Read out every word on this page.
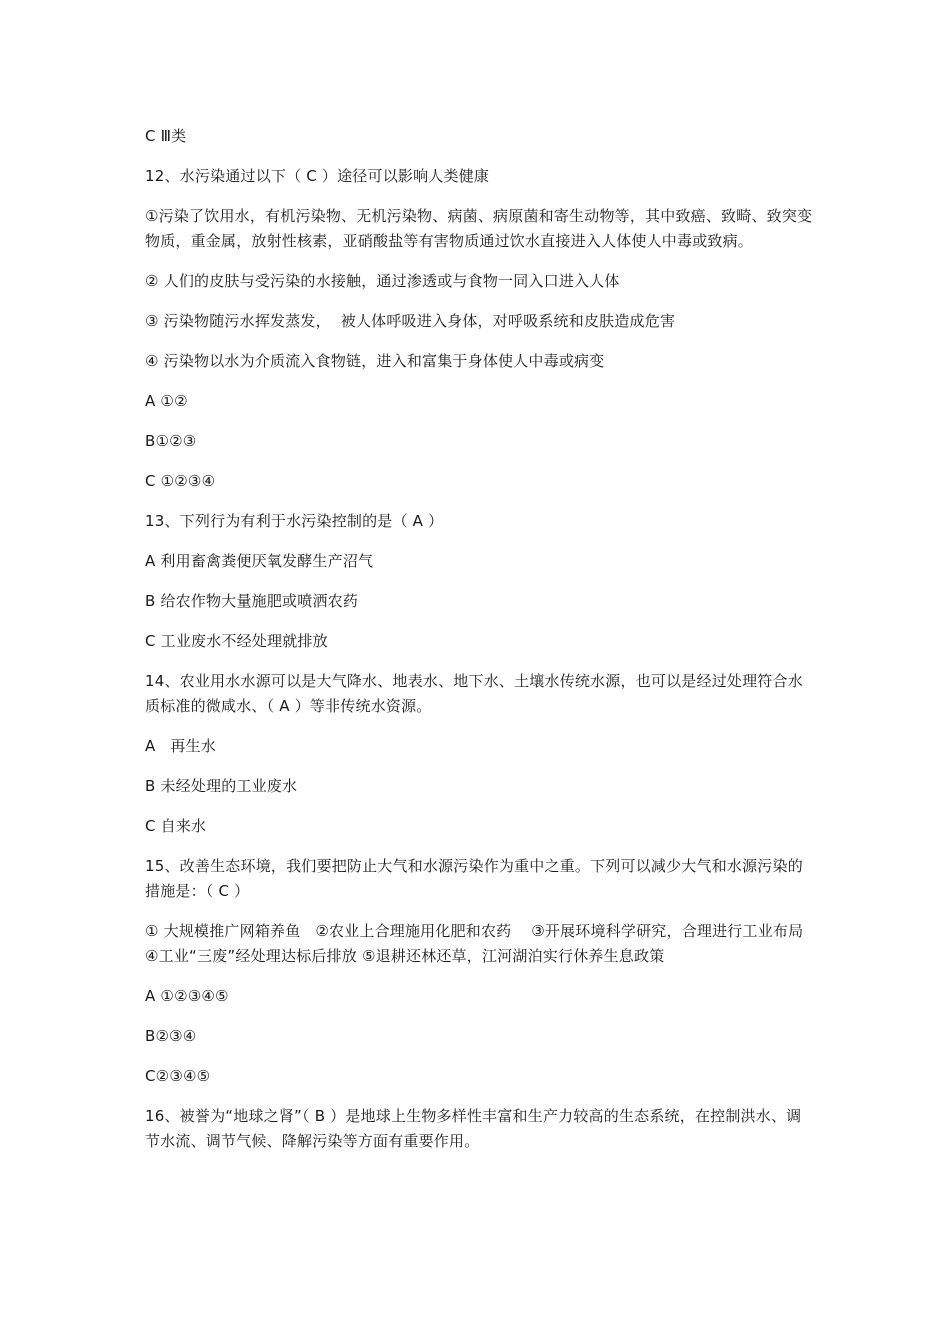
C Ⅲ类

12、水污染通过以下（ C ）途径可以影响人类健康

①污染了饮用水，有机污染物、无机污染物、病菌、病原菌和寄生动物等，其中致癌、致畸、致突变物质，重金属，放射性核素，亚硝酸盐等有害物质通过饮水直接进入人体使人中毒或致病。

② 人们的皮肤与受污染的水接触，通过渗透或与食物一同入口进入人体

③ 污染物随污水挥发蒸发，  被人体呼吸进入身体，对呼吸系统和皮肤造成危害

④ 污染物以水为介质流入食物链，进入和富集于身体使人中毒或病变

A ①②

B①②③

C ①②③④

13、下列行为有利于水污染控制的是（ A ）

A 利用畜禽粪便厌氧发酵生产沼气

B 给农作物大量施肥或喷洒农药

C 工业废水不经处理就排放

14、农业用水水源可以是大气降水、地表水、地下水、土壤水传统水源，也可以是经过处理符合水质标准的微咸水、（ A ）等非传统水资源。

A   再生水

B 未经处理的工业废水

C 自来水

15、改善生态环境，我们要把防止大气和水源污染作为重中之重。下列可以减少大气和水源污染的措施是：（ C ）

① 大规模推广网箱养鱼   ②农业上合理施用化肥和农药    ③开展环境科学研究，合理进行工业布局        ④工业“三废”经处理达标后排放 ⑤退耕还林还草，江河湖泊实行休养生息政策

A ①②③④⑤

B②③④

C②③④⑤

16、被誉为“地球之肾”（ B ）是地球上生物多样性丰富和生产力较高的生态系统，在控制洪水、调节水流、调节气候、降解污染等方面有重要作用。
